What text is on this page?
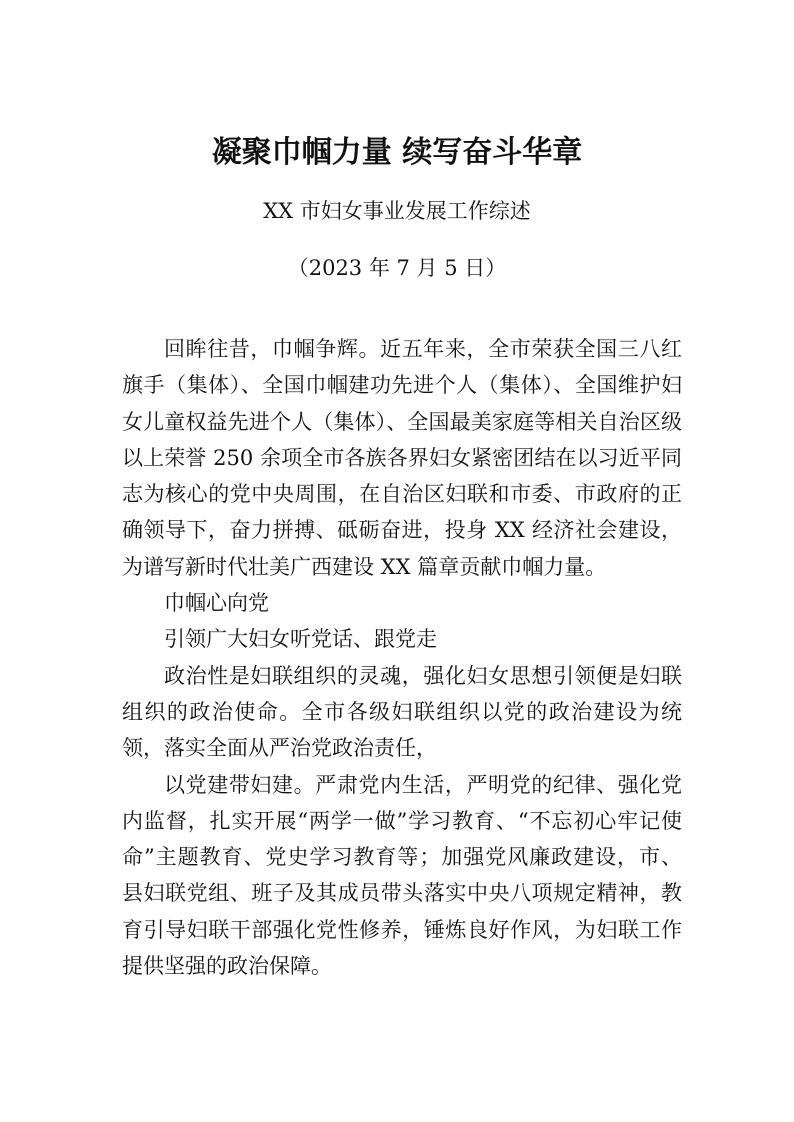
凝聚巾帼力量 续写奋斗华章
XX 市妇女事业发展工作综述
（2023 年 7 月 5 日）

回眸往昔，巾帼争辉。近五年来，全市荣获全国三八红旗手（集体）、全国巾帼建功先进个人（集体）、全国维护妇女儿童权益先进个人（集体）、全国最美家庭等相关自治区级以上荣誉 250 余项全市各族各界妇女紧密团结在以习近平同志为核心的党中央周围，在自治区妇联和市委、市政府的正确领导下，奋力拼搏、砥砺奋进，投身 XX 经济社会建设，为谱写新时代壮美广西建设 XX 篇章贡献巾帼力量。

巾帼心向党

引领广大妇女听党话、跟党走

政治性是妇联组织的灵魂，强化妇女思想引领便是妇联组织的政治使命。全市各级妇联组织以党的政治建设为统领，落实全面从严治党政治责任，

以党建带妇建。严肃党内生活，严明党的纪律、强化党内监督，扎实开展“两学一做”学习教育、“不忘初心牢记使命”主题教育、党史学习教育等；加强党风廉政建设，市、 县妇联党组、班子及其成员带头落实中央八项规定精神，教育引导妇联干部强化党性修养，锤炼良好作风，为妇联工作提供坚强的政治保障。
